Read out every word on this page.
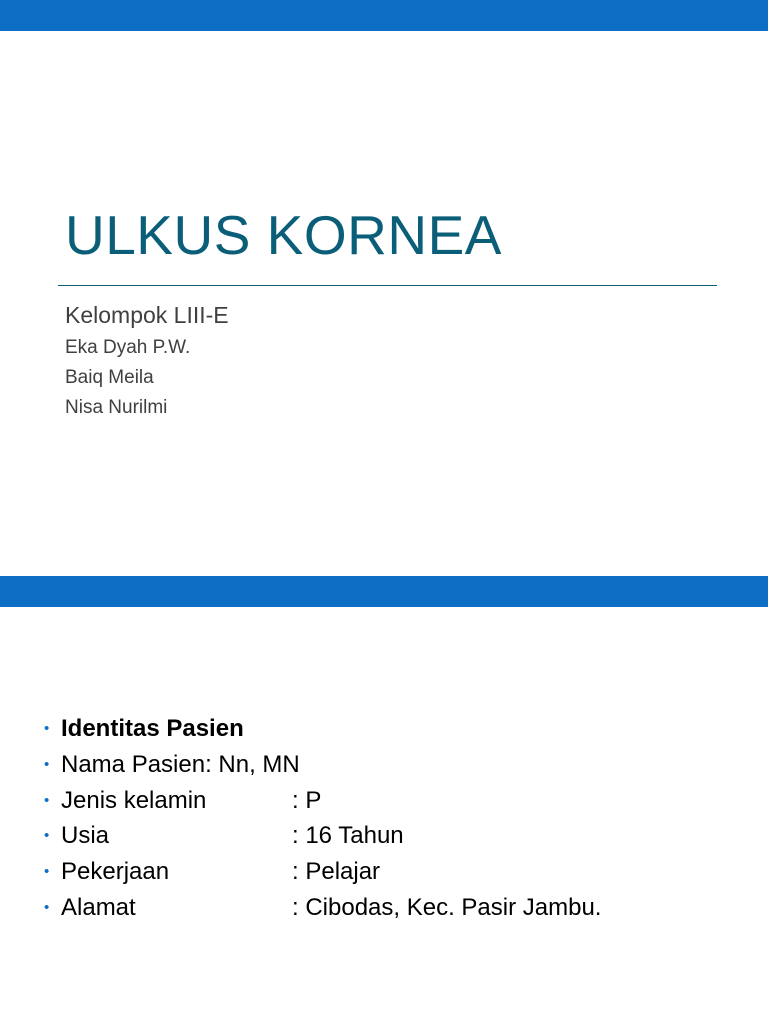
ULKUS KORNEA
Kelompok LIII-E
Eka Dyah P.W.
Baiq Meila
Nisa Nurilmi
• Identitas Pasien
• Nama Pasien: Nn, MN
• Jenis kelamin	: P
• Usia	: 16 Tahun
• Pekerjaan	: Pelajar
• Alamat	: Cibodas, Kec. Pasir Jambu.
